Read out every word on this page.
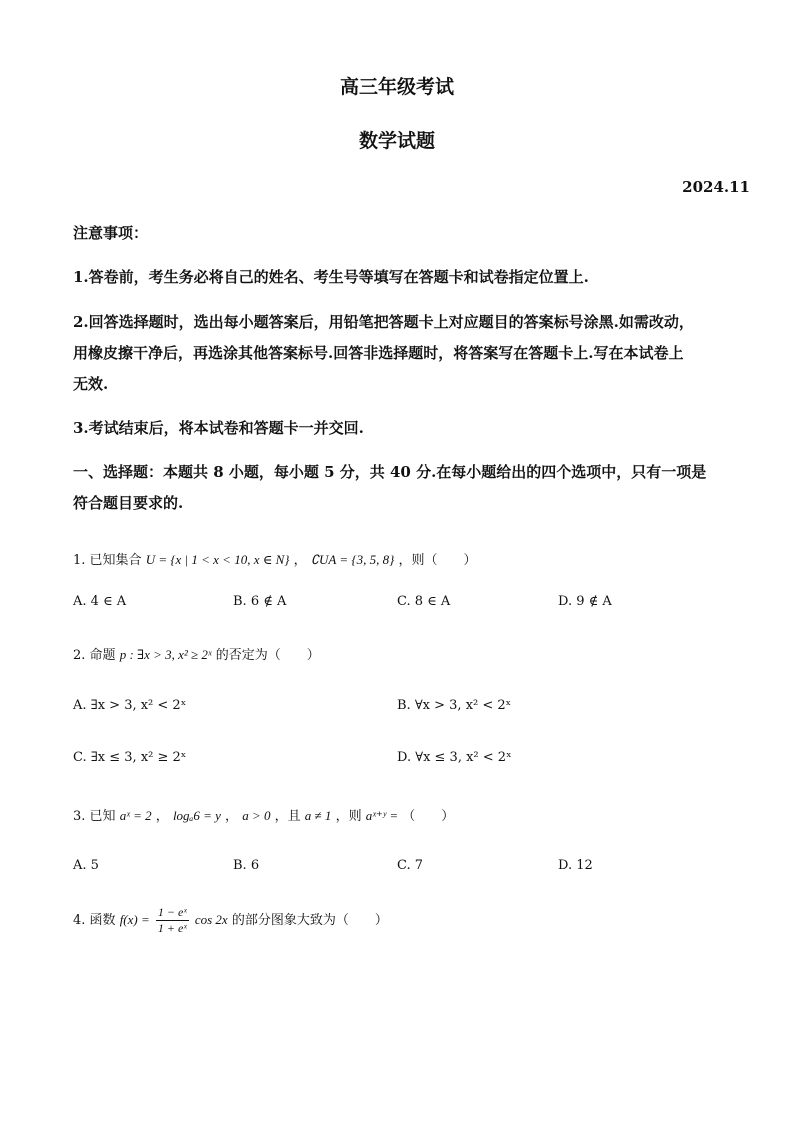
高三年级考试
数学试题
2024.11
注意事项：
1.答卷前，考生务必将自己的姓名、考生号等填写在答题卡和试卷指定位置上.
2.回答选择题时，选出每小题答案后，用铅笔把答题卡上对应题目的答案标号涂黑.如需改动，
用橡皮擦干净后，再选涂其他答案标号.回答非选择题时，将答案写在答题卡上.写在本试卷上
无效.
3.考试结束后，将本试卷和答题卡一并交回.
一、选择题：本题共 8 小题，每小题 5 分，共 40 分.在每小题给出的四个选项中，只有一项是
符合题目要求的.
1. 已知集合 U = {x | 1 < x < 10, x ∈ N} ， ∁UA = {3, 5, 8} ，则（　　）
A. 4 ∈ A	B. 6 ∉ A	C. 8 ∈ A	D. 9 ∉ A
2. 命题 p : ∃x > 3, x² ≥ 2ˣ 的否定为（　　）
A. ∃x > 3, x² < 2ˣ	B. ∀x > 3, x² < 2ˣ
C. ∃x ≤ 3, x² ≥ 2ˣ	D. ∀x ≤ 3, x² < 2ˣ
3. 已知 aˣ = 2 ， logₐ6 = y ， a > 0 ，且 a ≠ 1 ，则 aˣ⁺ʸ = （　　）
A. 5	B. 6	C. 7	D. 12
4. 函数 $f(x) = \frac{\text{1 − eˣ}}{\text{1 + eˣ}}$ cos 2x 的部分图象大致为（　　）
